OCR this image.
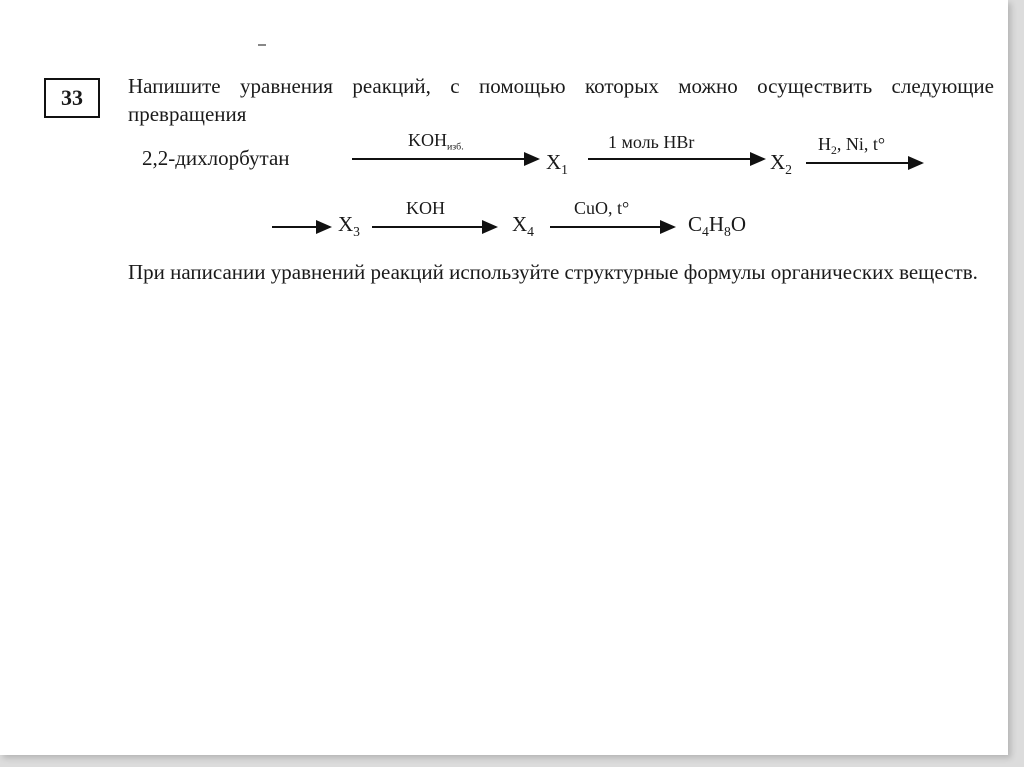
33	Напишите уравнения реакций, с помощью которых можно осуществить следующие превращения
2,2-дихлорбутан
$KOH_{изб.}$
$X_1$
1 моль HBr
$X_2$
$H_2$, Ni, t°
$X_3$
KOH
$X_4$
CuO, t°
$C_4H_8O$
При написании уравнений реакций используйте структурные формулы органических веществ.
